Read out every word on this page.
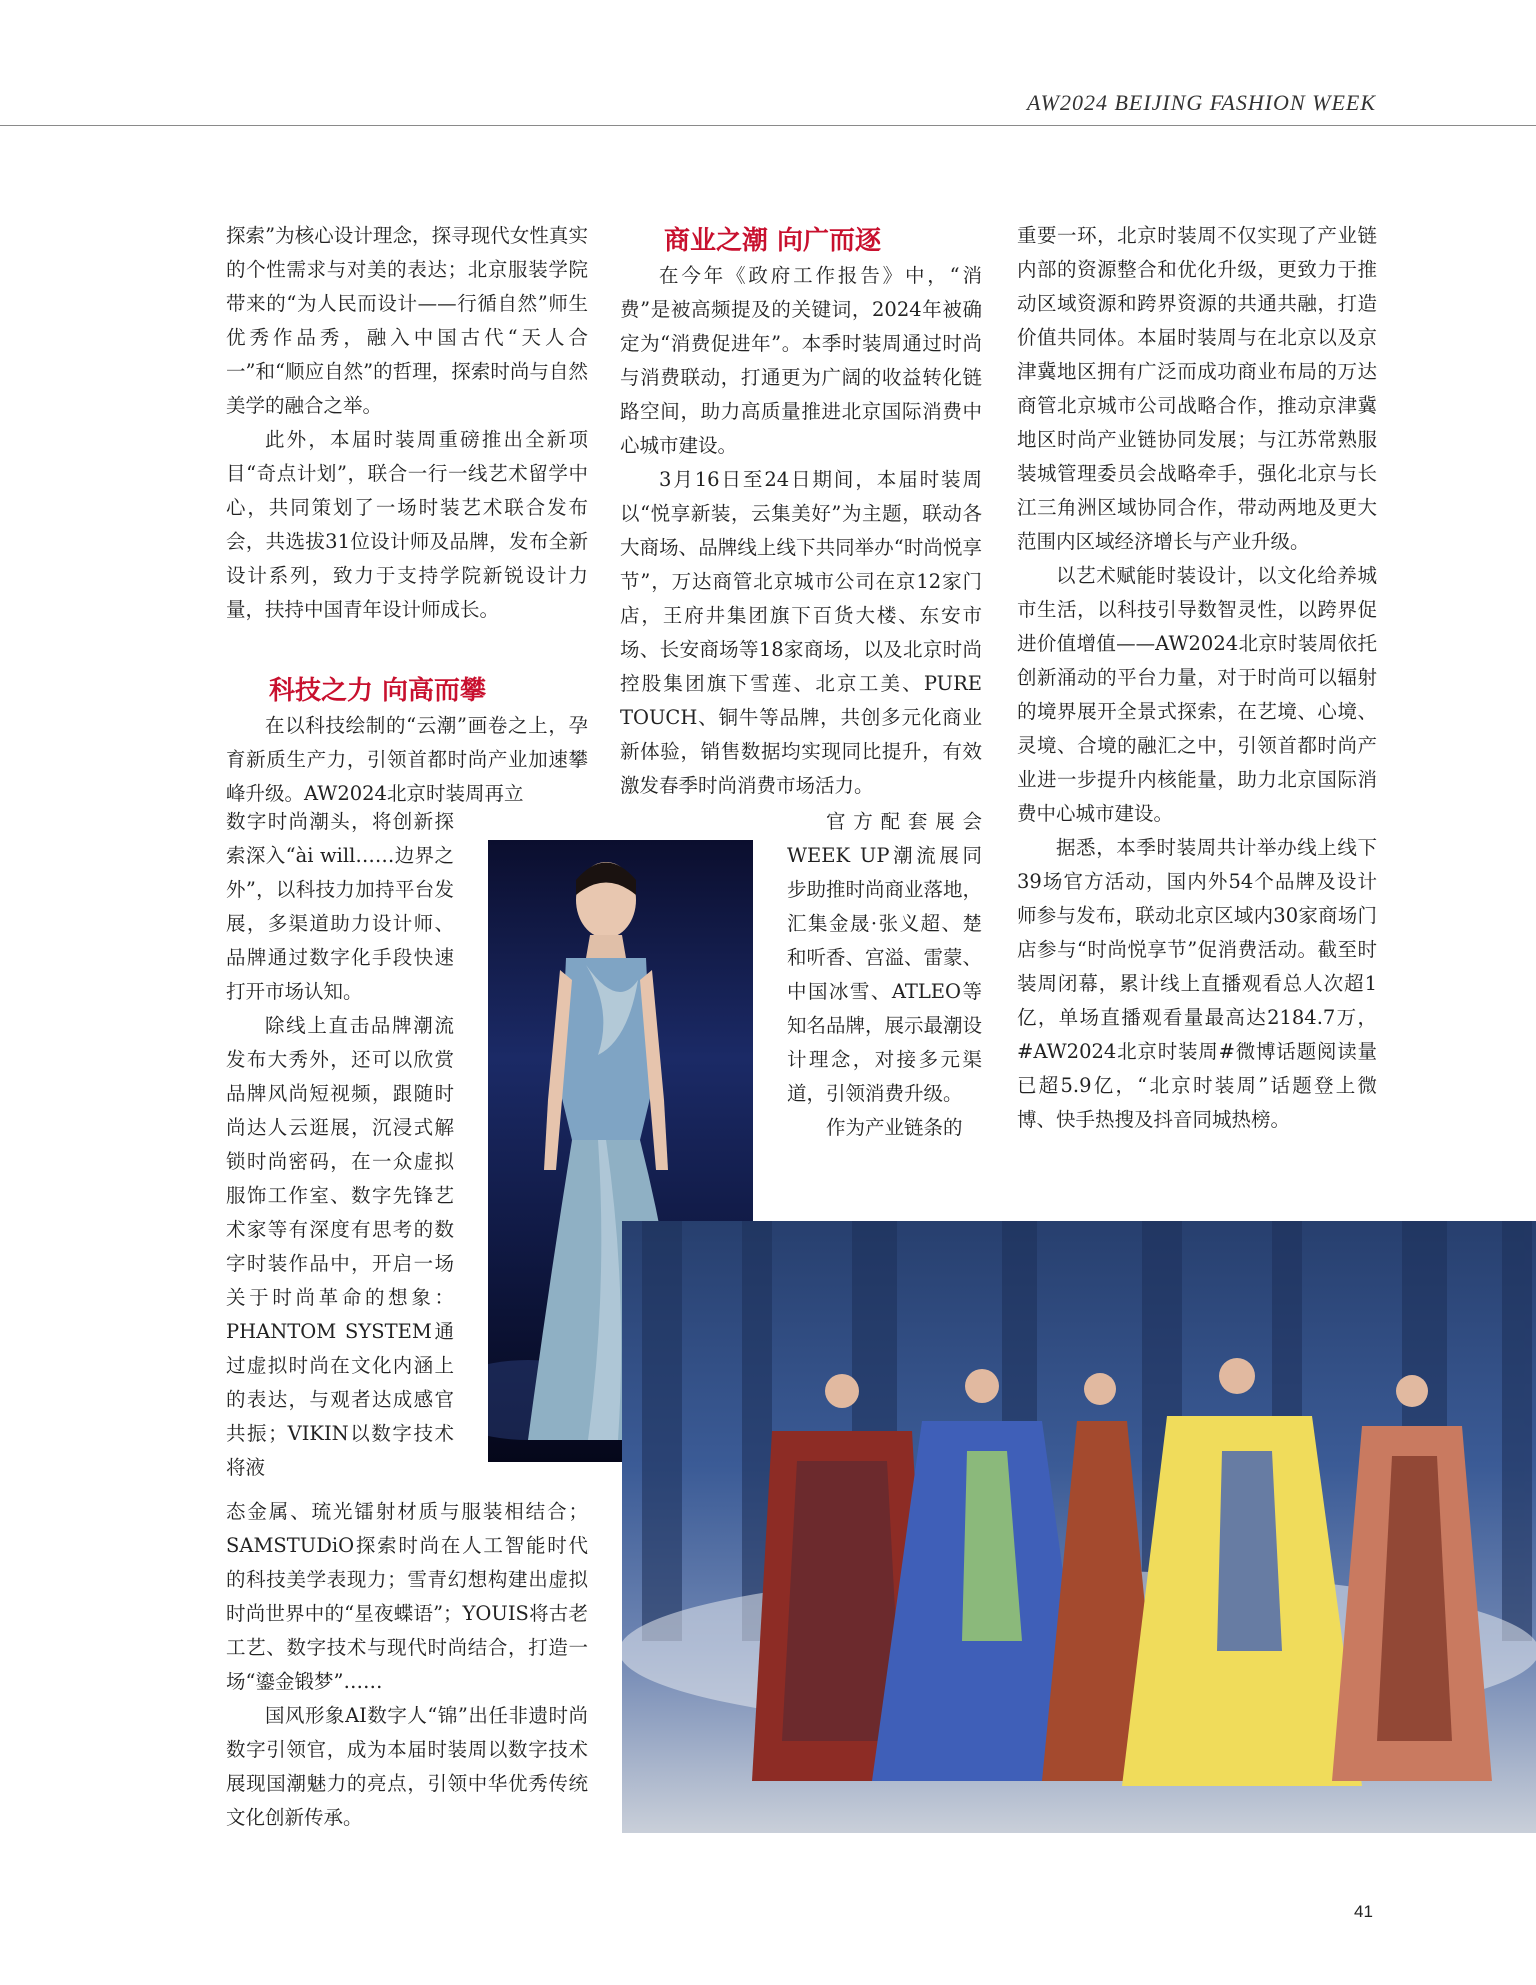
AW2024 BEIJING FASHION WEEK

探索”为核心设计理念，探寻现代女性真实的个性需求与对美的表达；北京服装学院带来的“为人民而设计——行循自然”师生优秀作品秀，融入中国古代“天人合一”和“顺应自然”的哲理，探索时尚与自然美学的融合之举。

此外，本届时装周重磅推出全新项目“奇点计划”，联合一行一线艺术留学中心，共同策划了一场时装艺术联合发布会，共选拔31位设计师及品牌，发布全新设计系列，致力于支持学院新锐设计力量，扶持中国青年设计师成长。

科技之力 向高而攀

在以科技绘制的“云潮”画卷之上，孕育新质生产力，引领首都时尚产业加速攀峰升级。AW2024北京时装周再立

数字时尚潮头，将创新探索深入“ài will……边界之外”，以科技力加持平台发展，多渠道助力设计师、品牌通过数字化手段快速打开市场认知。

除线上直击品牌潮流发布大秀外，还可以欣赏品牌风尚短视频，跟随时尚达人云逛展，沉浸式解锁时尚密码，在一众虚拟服饰工作室、数字先锋艺术家等有深度有思考的数字时装作品中，开启一场关于时尚革命的想象：PHANTOM SYSTEM通过虚拟时尚在文化内涵上的表达，与观者达成感官共振；VIKIN以数字技术将液

态金属、琉光镭射材质与服装相结合；SAMSTUDiO探索时尚在人工智能时代的科技美学表现力；雪青幻想构建出虚拟时尚世界中的“星夜蝶语”；YOUIS将古老工艺、数字技术与现代时尚结合，打造一场“鎏金锻梦”……

国风形象AI数字人“锦”出任非遗时尚数字引领官，成为本届时装周以数字技术展现国潮魅力的亮点，引领中华优秀传统文化创新传承。

商业之潮 向广而逐

在今年《政府工作报告》中，“消费”是被高频提及的关键词，2024年被确定为“消费促进年”。本季时装周通过时尚与消费联动，打通更为广阔的收益转化链路空间，助力高质量推进北京国际消费中心城市建设。

3月16日至24日期间，本届时装周以“悦享新装，云集美好”为主题，联动各大商场、品牌线上线下共同举办“时尚悦享节”，万达商管北京城市公司在京12家门店，王府井集团旗下百货大楼、东安市场、长安商场等18家商场，以及北京时尚控股集团旗下雪莲、北京工美、PURE TOUCH、铜牛等品牌，共创多元化商业新体验，销售数据均实现同比提升，有效激发春季时尚消费市场活力。

官方配套展会WEEK UP潮流展同步助推时尚商业落地，汇集金晟·张义超、楚和听香、宫溢、雷蒙、中国冰雪、ATLEO等知名品牌，展示最潮设计理念，对接多元渠道，引领消费升级。

作为产业链条的

重要一环，北京时装周不仅实现了产业链内部的资源整合和优化升级，更致力于推动区域资源和跨界资源的共通共融，打造价值共同体。本届时装周与在北京以及京津冀地区拥有广泛而成功商业布局的万达商管北京城市公司战略合作，推动京津冀地区时尚产业链协同发展；与江苏常熟服装城管理委员会战略牵手，强化北京与长江三角洲区域协同合作，带动两地及更大范围内区域经济增长与产业升级。

以艺术赋能时装设计，以文化给养城市生活，以科技引导数智灵性，以跨界促进价值增值——AW2024北京时装周依托创新涌动的平台力量，对于时尚可以辐射的境界展开全景式探索，在艺境、心境、灵境、合境的融汇之中，引领首都时尚产业进一步提升内核能量，助力北京国际消费中心城市建设。

据悉，本季时装周共计举办线上线下39场官方活动，国内外54个品牌及设计师参与发布，联动北京区域内30家商场门店参与“时尚悦享节”促消费活动。截至时装周闭幕，累计线上直播观看总人次超1亿，单场直播观看量最高达2184.7万，#AW2024北京时装周#微博话题阅读量已超5.9亿，“北京时装周”话题登上微博、快手热搜及抖音同城热榜。

41
